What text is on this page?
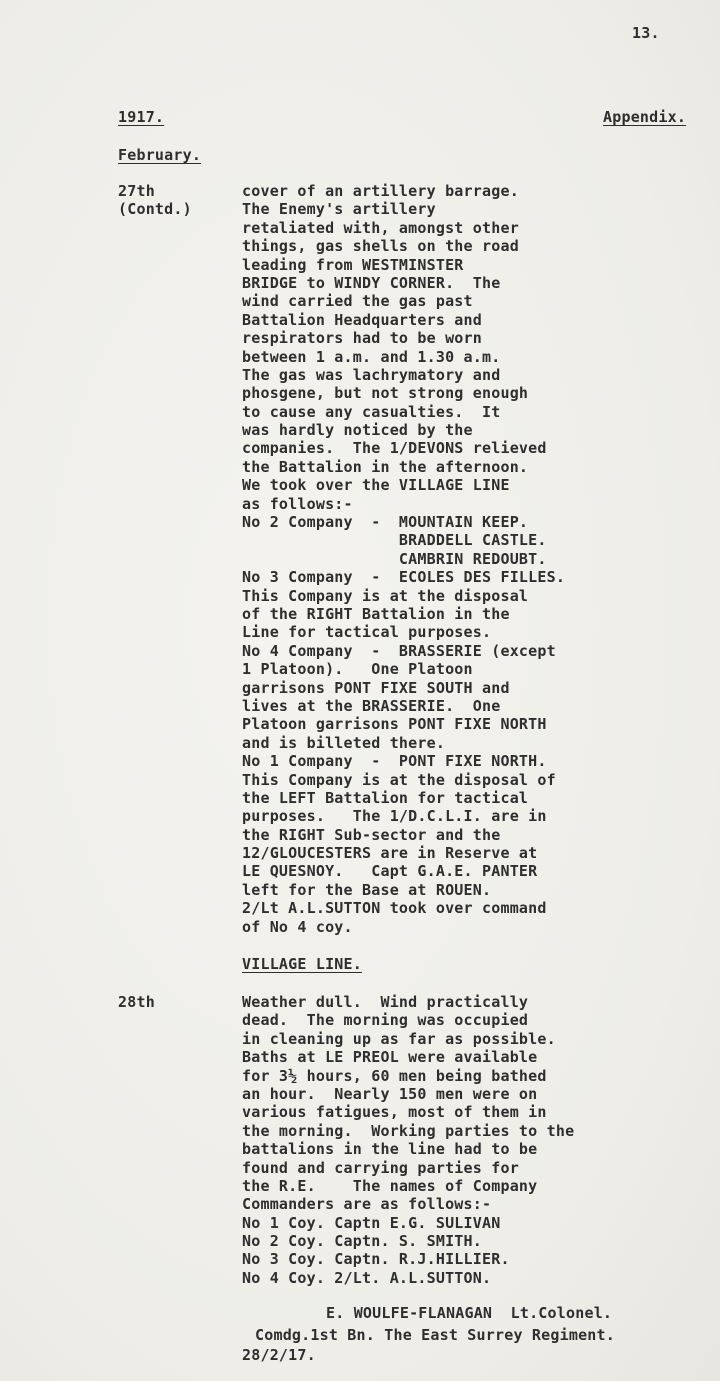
13.
1917.	Appendix.
February.
27th
(Contd.)
cover of an artillery barrage.
The Enemy's artillery
retaliated with, amongst other
things, gas shells on the road
leading from WESTMINSTER
BRIDGE to WINDY CORNER.  The
wind carried the gas past
Battalion Headquarters and
respirators had to be worn
between 1 a.m. and 1.30 a.m.
The gas was lachrymatory and
phosgene, but not strong enough
to cause any casualties.  It
was hardly noticed by the
companies.  The 1/DEVONS relieved
the Battalion in the afternoon.
We took over the VILLAGE LINE
as follows:-
No 2 Company  -  MOUNTAIN KEEP.
BRADDELL CASTLE.
CAMBRIN REDOUBT.
No 3 Company  -  ECOLES DES FILLES.
This Company is at the disposal
of the RIGHT Battalion in the
Line for tactical purposes.
No 4 Company  -  BRASSERIE (except
1 Platoon).   One Platoon
garrisons PONT FIXE SOUTH and
lives at the BRASSERIE.  One
Platoon garrisons PONT FIXE NORTH
and is billeted there.
No 1 Company  -  PONT FIXE NORTH.
This Company is at the disposal of
the LEFT Battalion for tactical
purposes.   The 1/D.C.L.I. are in
the RIGHT Sub-sector and the
12/GLOUCESTERS are in Reserve at
LE QUESNOY.   Capt G.A.E. PANTER
left for the Base at ROUEN.
2/Lt A.L.SUTTON took over command
of No 4 coy.
VILLAGE LINE.
28th	Weather dull.  Wind practically
dead.  The morning was occupied
in cleaning up as far as possible.
Baths at LE PREOL were available
for 3½ hours, 60 men being bathed
an hour.  Nearly 150 men were on
various fatigues, most of them in
the morning.  Working parties to the
battalions in the line had to be
found and carrying parties for
the R.E.    The names of Company
Commanders are as follows:-
No 1 Coy. Captn E.G. SULIVAN
No 2 Coy. Captn. S. SMITH.
No 3 Coy. Captn. R.J.HILLIER.
No 4 Coy. 2/Lt. A.L.SUTTON.
E. WOULFE-FLANAGAN  Lt.Colonel.
Comdg.1st Bn. The East Surrey Regiment.
28/2/17.
